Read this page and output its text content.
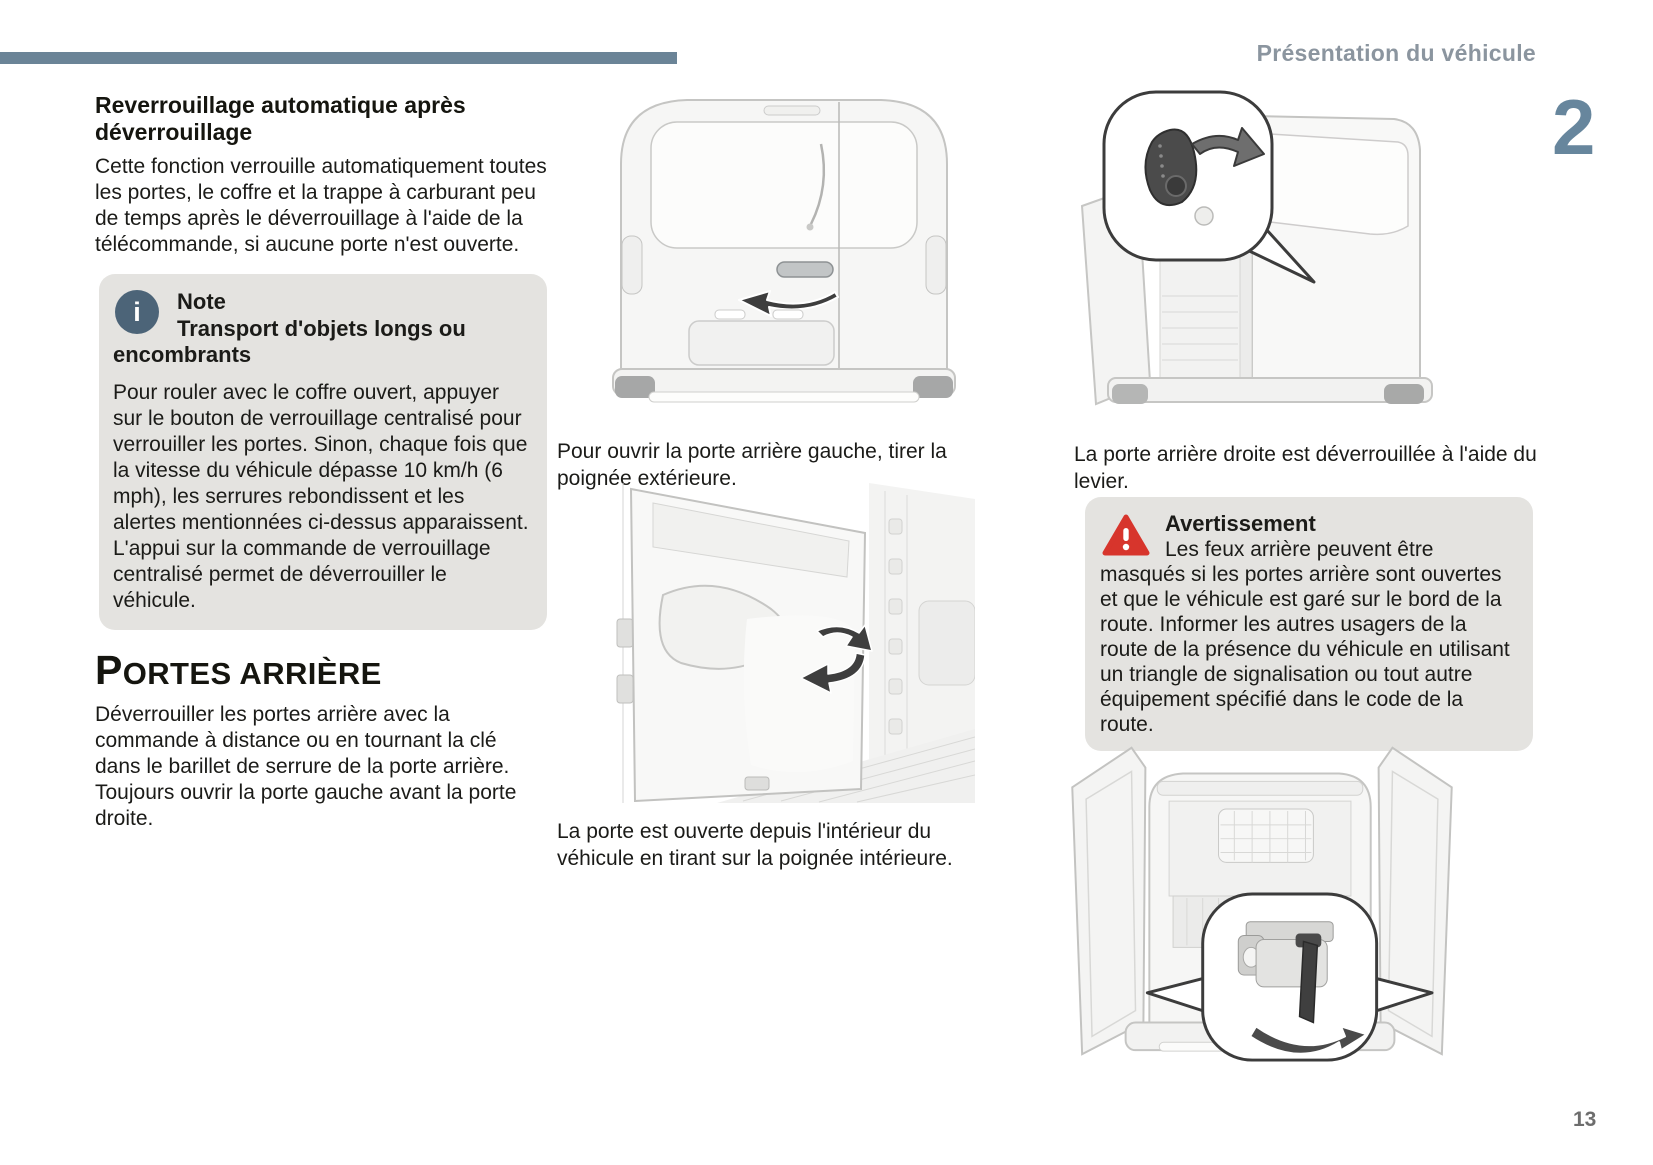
Présentation du véhicule
2
Reverrouillage automatique après déverrouillage

Cette fonction verrouille automatiquement toutes les portes, le coffre et la trappe à carburant peu de temps après le déverrouillage à l'aide de la télécommande, si aucune porte n'est ouverte.

i	Note
Transport d'objets longs ou encombrants
Pour rouler avec le coffre ouvert, appuyer sur le bouton de verrouillage centralisé pour verrouiller les portes. Sinon, chaque fois que la vitesse du véhicule dépasse 10 km/h (6 mph), les serrures rebondissent et les alertes mentionnées ci-dessus apparaissent. L'appui sur la commande de verrouillage centralisé permet de déverrouiller le véhicule.
PORTES ARRIÈRE

Déverrouiller les portes arrière avec la commande à distance ou en tournant la clé dans le barillet de serrure de la porte arrière. Toujours ouvrir la porte gauche avant la porte droite.

Pour ouvrir la porte arrière gauche, tirer la poignée extérieure.
La porte est ouverte depuis l'intérieur du véhicule en tirant sur la poignée intérieure.
La porte arrière droite est déverrouillée à l'aide du levier.
Avertissement
Les feux arrière peuvent être masqués si les portes arrière sont ouvertes et que le véhicule est garé sur le bord de la route. Informer les autres usagers de la route de la présence du véhicule en utilisant un triangle de signalisation ou tout autre équipement spécifié dans le code de la route.
13
